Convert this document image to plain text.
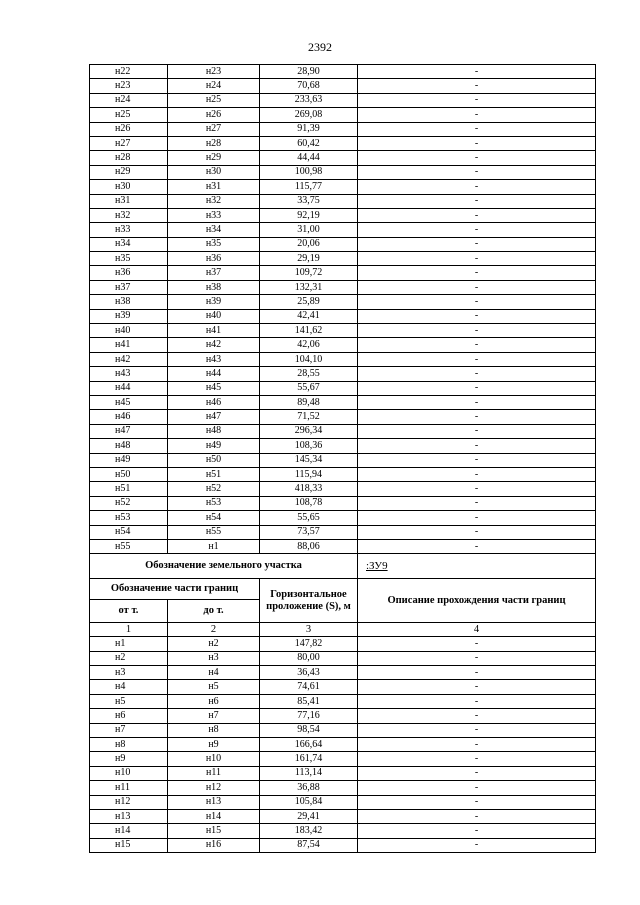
2392
н22	н23	28,90	-
н23	н24	70,68	-
н24	н25	233,63	-
н25	н26	269,08	-
н26	н27	91,39	-
н27	н28	60,42	-
н28	н29	44,44	-
н29	н30	100,98	-
н30	н31	115,77	-
н31	н32	33,75	-
н32	н33	92,19	-
н33	н34	31,00	-
н34	н35	20,06	-
н35	н36	29,19	-
н36	н37	109,72	-
н37	н38	132,31	-
н38	н39	25,89	-
н39	н40	42,41	-
н40	н41	141,62	-
н41	н42	42,06	-
н42	н43	104,10	-
н43	н44	28,55	-
н44	н45	55,67	-
н45	н46	89,48	-
н46	н47	71,52	-
н47	н48	296,34	-
н48	н49	108,36	-
н49	н50	145,34	-
н50	н51	115,94	-
н51	н52	418,33	-
н52	н53	108,78	-
н53	н54	55,65	-
н54	н55	73,57	-
н55	н1	88,06	-
Обозначение земельного участка			:ЗУ9
Обозначение части границ		Горизонтальное проложение (S), м	Описание прохождения части границ
от т.	до т.		
1	2	3	4
н1	н2	147,82	-
н2	н3	80,00	-
н3	н4	36,43	-
н4	н5	74,61	-
н5	н6	85,41	-
н6	н7	77,16	-
н7	н8	98,54	-
н8	н9	166,64	-
н9	н10	161,74	-
н10	н11	113,14	-
н11	н12	36,88	-
н12	н13	105,84	-
н13	н14	29,41	-
н14	н15	183,42	-
н15	н16	87,54	-
